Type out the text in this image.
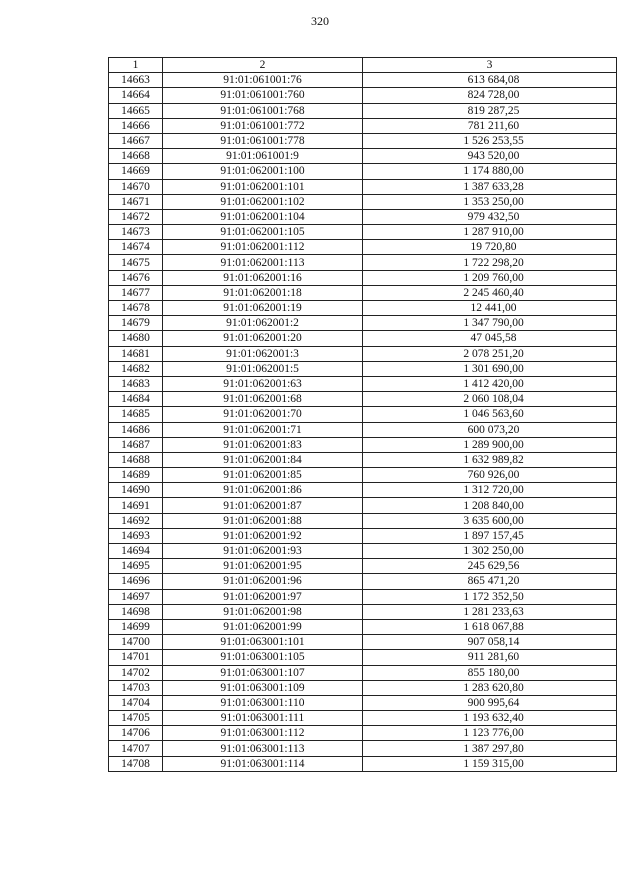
320
1	2	3
14663	91:01:061001:76	613 684,08
14664	91:01:061001:760	824 728,00
14665	91:01:061001:768	819 287,25
14666	91:01:061001:772	781 211,60
14667	91:01:061001:778	1 526 253,55
14668	91:01:061001:9	943 520,00
14669	91:01:062001:100	1 174 880,00
14670	91:01:062001:101	1 387 633,28
14671	91:01:062001:102	1 353 250,00
14672	91:01:062001:104	979 432,50
14673	91:01:062001:105	1 287 910,00
14674	91:01:062001:112	19 720,80
14675	91:01:062001:113	1 722 298,20
14676	91:01:062001:16	1 209 760,00
14677	91:01:062001:18	2 245 460,40
14678	91:01:062001:19	12 441,00
14679	91:01:062001:2	1 347 790,00
14680	91:01:062001:20	47 045,58
14681	91:01:062001:3	2 078 251,20
14682	91:01:062001:5	1 301 690,00
14683	91:01:062001:63	1 412 420,00
14684	91:01:062001:68	2 060 108,04
14685	91:01:062001:70	1 046 563,60
14686	91:01:062001:71	600 073,20
14687	91:01:062001:83	1 289 900,00
14688	91:01:062001:84	1 632 989,82
14689	91:01:062001:85	760 926,00
14690	91:01:062001:86	1 312 720,00
14691	91:01:062001:87	1 208 840,00
14692	91:01:062001:88	3 635 600,00
14693	91:01:062001:92	1 897 157,45
14694	91:01:062001:93	1 302 250,00
14695	91:01:062001:95	245 629,56
14696	91:01:062001:96	865 471,20
14697	91:01:062001:97	1 172 352,50
14698	91:01:062001:98	1 281 233,63
14699	91:01:062001:99	1 618 067,88
14700	91:01:063001:101	907 058,14
14701	91:01:063001:105	911 281,60
14702	91:01:063001:107	855 180,00
14703	91:01:063001:109	1 283 620,80
14704	91:01:063001:110	900 995,64
14705	91:01:063001:111	1 193 632,40
14706	91:01:063001:112	1 123 776,00
14707	91:01:063001:113	1 387 297,80
14708	91:01:063001:114	1 159 315,00
